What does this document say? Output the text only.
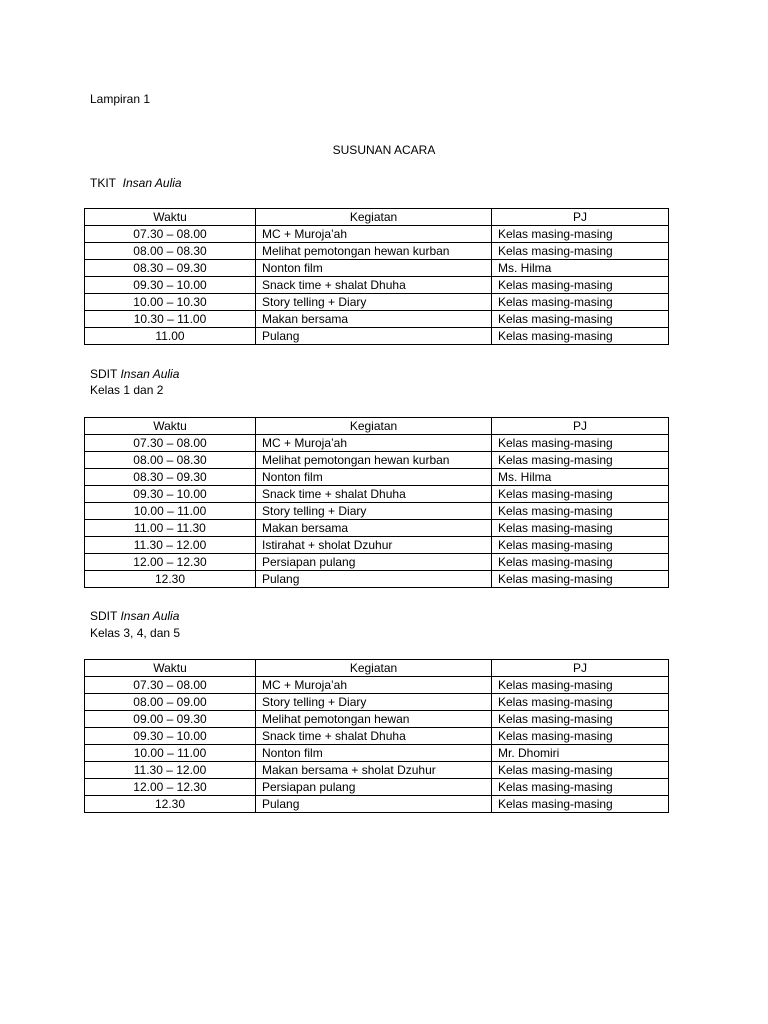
Lampiran 1
SUSUNAN ACARA
TKIT Insan Aulia
Waktu	Kegiatan	PJ
07.30 – 08.00	MC + Muroja’ah	Kelas masing-masing
08.00 – 08.30	Melihat pemotongan hewan kurban	Kelas masing-masing
08.30 – 09.30	Nonton film	Ms. Hilma
09.30 – 10.00	Snack time + shalat Dhuha	Kelas masing-masing
10.00 – 10.30	Story telling + Diary	Kelas masing-masing
10.30 – 11.00	Makan bersama	Kelas masing-masing
11.00	Pulang	Kelas masing-masing
SDIT Insan Aulia
Kelas 1 dan 2
Waktu	Kegiatan	PJ
07.30 – 08.00	MC + Muroja’ah	Kelas masing-masing
08.00 – 08.30	Melihat pemotongan hewan kurban	Kelas masing-masing
08.30 – 09.30	Nonton film	Ms. Hilma
09.30 – 10.00	Snack time + shalat Dhuha	Kelas masing-masing
10.00 – 11.00	Story telling + Diary	Kelas masing-masing
11.00 – 11.30	Makan bersama	Kelas masing-masing
11.30 – 12.00	Istirahat + sholat Dzuhur	Kelas masing-masing
12.00 – 12.30	Persiapan pulang	Kelas masing-masing
12.30	Pulang	Kelas masing-masing
SDIT Insan Aulia
Kelas 3, 4, dan 5
Waktu	Kegiatan	PJ
07.30 – 08.00	MC + Muroja’ah	Kelas masing-masing
08.00 – 09.00	Story telling + Diary	Kelas masing-masing
09.00 – 09.30	Melihat pemotongan hewan	Kelas masing-masing
09.30 – 10.00	Snack time + shalat Dhuha	Kelas masing-masing
10.00 – 11.00	Nonton film	Mr. Dhomiri
11.30 – 12.00	Makan bersama + sholat Dzuhur	Kelas masing-masing
12.00 – 12.30	Persiapan pulang	Kelas masing-masing
12.30	Pulang	Kelas masing-masing
